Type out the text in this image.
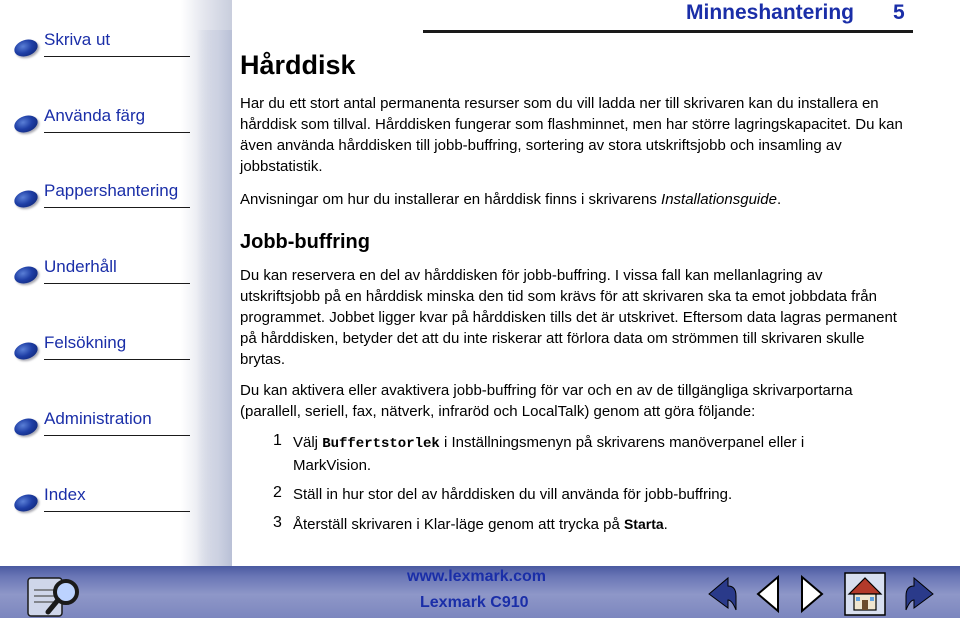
Skriva ut
Använda färg
Pappershantering
Underhåll
Felsökning
Administration
Index
Minneshantering 5
Hårddisk
Har du ett stort antal permanenta resurser som du vill ladda ner till skrivaren kan du installera en hårddisk som tillval. Hårddisken fungerar som flashminnet, men har större lagringskapacitet. Du kan även använda hårddisken till jobb-buffring, sortering av stora utskriftsjobb och insamling av jobbstatistik.
Anvisningar om hur du installerar en hårddisk finns i skrivarens Installationsguide.
Jobb-buffring
Du kan reservera en del av hårddisken för jobb-buffring. I vissa fall kan mellanlagring av utskriftsjobb på en hårddisk minska den tid som krävs för att skrivaren ska ta emot jobbdata från programmet. Jobbet ligger kvar på hårddisken tills det är utskrivet. Eftersom data lagras permanent på hårddisken, betyder det att du inte riskerar att förlora data om strömmen till skrivaren skulle brytas.
Du kan aktivera eller avaktivera jobb-buffring för var och en av de tillgängliga skrivarportarna (parallell, seriell, fax, nätverk, infraröd och LocalTalk) genom att göra följande:
1 Välj Buffertstorlek i Inställningsmenyn på skrivarens manöverpanel eller i MarkVision.
2 Ställ in hur stor del av hårddisken du vill använda för jobb-buffring.
3 Återställ skrivaren i Klar-läge genom att trycka på Starta.
www.lexmark.com
Lexmark C910
